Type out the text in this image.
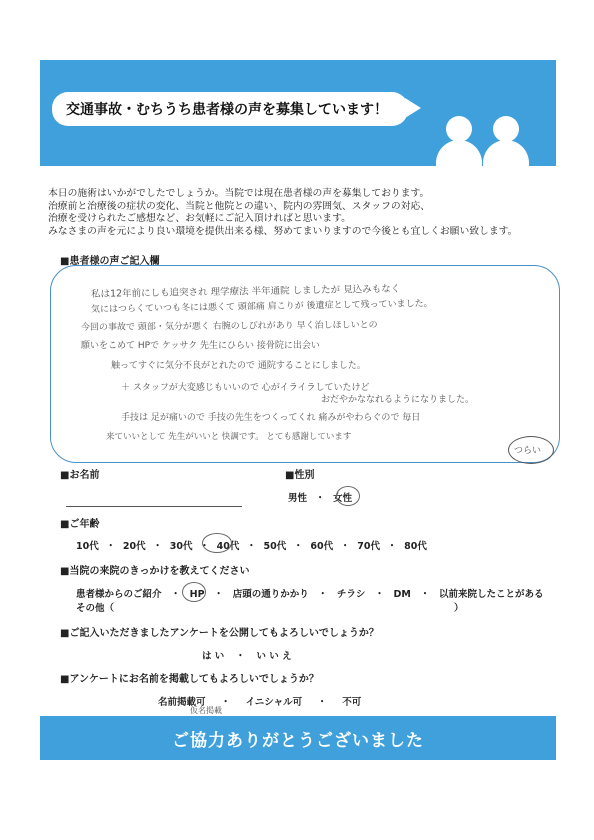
交通事故・むちうち患者様の声を募集しています！
本日の施術はいかがでしたでしょうか。当院では現在患者様の声を募集しております。
治療前と治療後の症状の変化、当院と他院との違い、院内の雰囲気、スタッフの対応、
治療を受けられたご感想など、お気軽にご記入頂ければと思います。
みなさまの声を元により良い環境を提供出来る様、努めてまいりますので今後とも宜しくお願い致します。
■患者様の声ご記入欄
私は12年前にしも追突され 理学療法 半年通院 しましたが 見込みもなく
気にはつらくていつも冬には悪くて 頭部痛 肩こりが 後遺症として残っていました。
今回の事故で 頭部・気分が悪く 右腕のしびれがあり 早く治しほしいとの
願いをこめて HPで ケッサク 先生にひらい 接骨院に出会い
触ってすぐに気分不良がとれたので 通院することにしました。
＋ スタッフが大変感じもいいので 心がイライラしていたけど
おだやかななれるようになりました。
手技は 足が痛いので 手技の先生をつくってくれ 痛みがやわらぐので 毎日
来ていいとして 先生がいいと 快調です。 とても感謝しています
つらい
■お名前	■性別
男性 ・ 女性
■ご年齢
10代 ・ 20代 ・ 30代 ・ 40代 ・ 50代 ・ 60代 ・ 70代 ・ 80代
■当院の来院のきっかけを教えてください
患者様からのご紹介 ・ HP ・ 店頭の通りかかり ・ チラシ ・ DM ・ 以前来院したことがある
その他（	）
■ご記入いただきましたアンケートを公開してもよろしいでしょうか？
は い ・ い い え
■アンケートにお名前を掲載してもよろしいでしょうか？
名前掲載可 ・ イニシャル可 ・ 不可
仮名掲載
ご協力ありがとうございました
